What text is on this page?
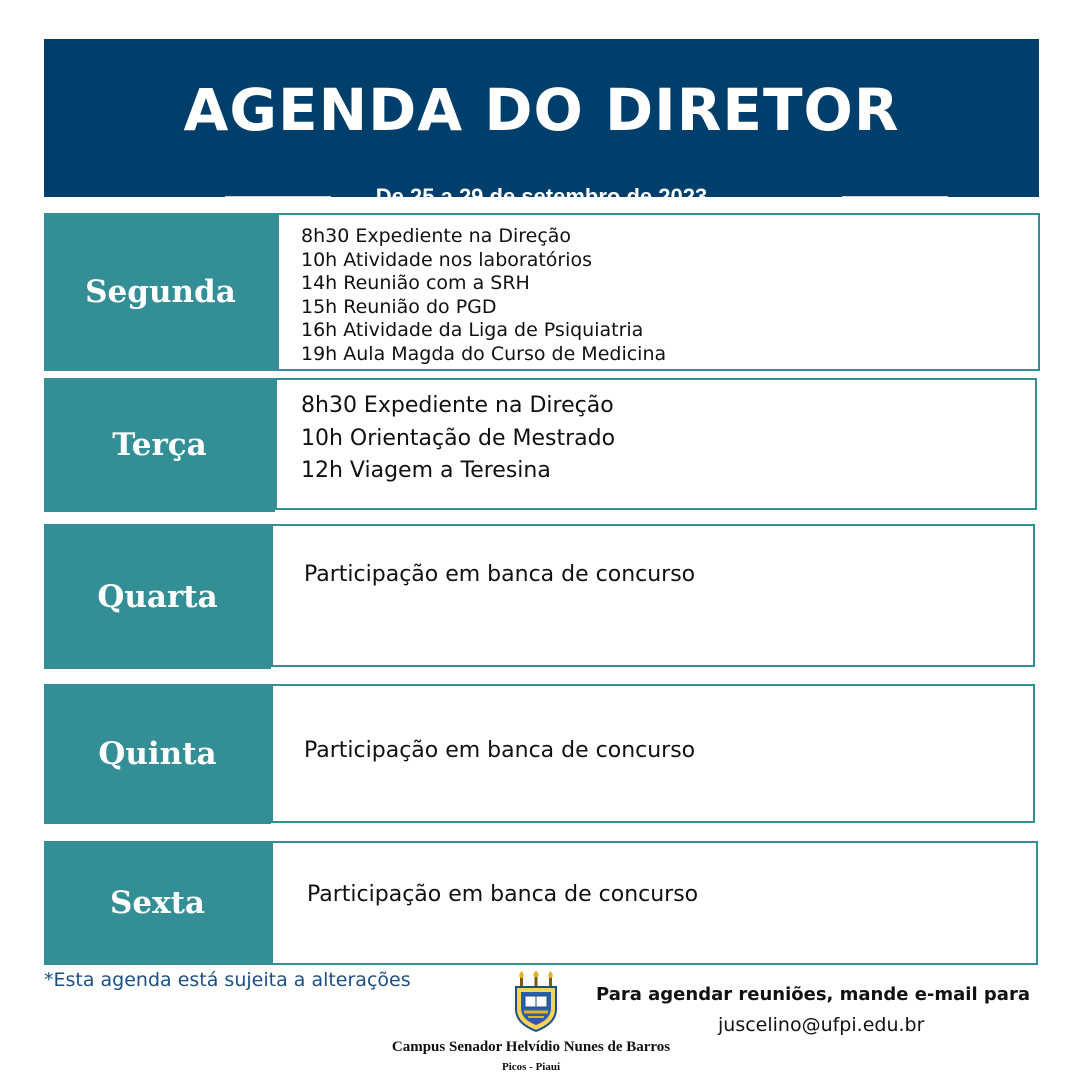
AGENDA DO DIRETOR
De 25 a 29 de setembro de 2023
Segunda
8h30 Expediente na Direção
10h Atividade nos laboratórios
14h Reunião com a SRH
15h Reunião do PGD
16h Atividade da Liga de Psiquiatria
19h Aula Magda do Curso de Medicina
Terça
8h30 Expediente na Direção
10h Orientação de Mestrado
12h Viagem a Teresina
Quarta
Participação em banca de concurso
Quinta	Participação em banca de concurso
Sexta	Participação em banca de concurso
*Esta agenda está sujeita a alterações
Campus Senador Helvídio Nunes de Barros
Picos - Piauí
Para agendar reuniões, mande e-mail para
juscelino@ufpi.edu.br
